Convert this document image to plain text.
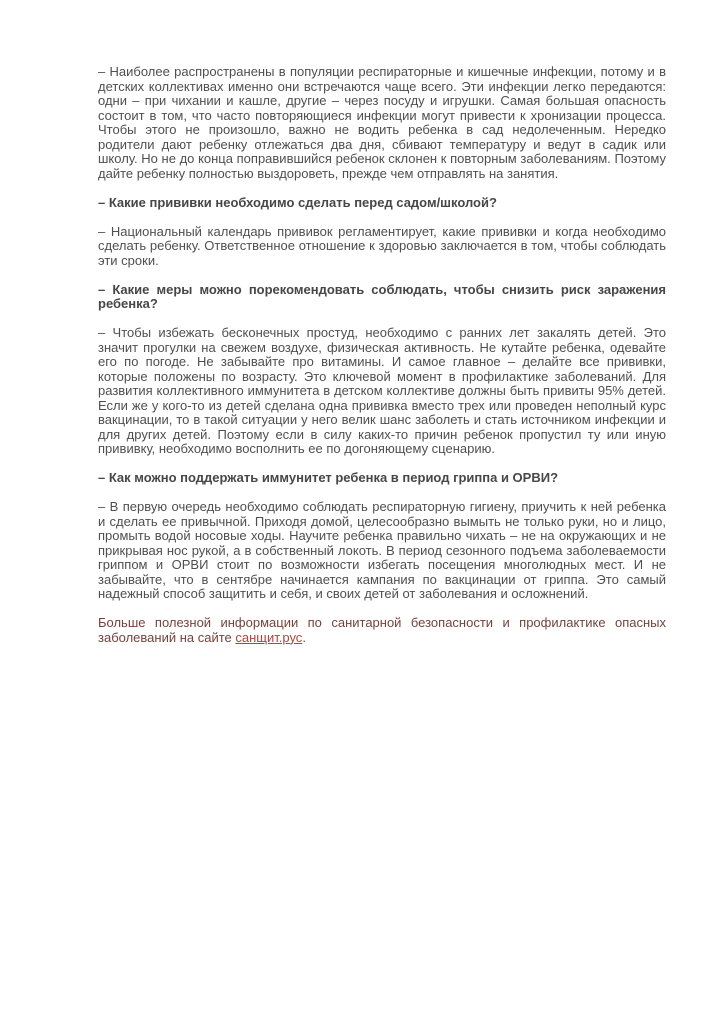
– Наиболее распространены в популяции респираторные и кишечные инфекции, потому и в детских коллективах именно они встречаются чаще всего. Эти инфекции легко передаются: одни – при чихании и кашле, другие – через посуду и игрушки. Самая большая опасность состоит в том, что часто повторяющиеся инфекции могут привести к хронизации процесса. Чтобы этого не произошло, важно не водить ребенка в сад недолеченным. Нередко родители дают ребенку отлежаться два дня, сбивают температуру и ведут в садик или школу. Но не до конца поправившийся ребенок склонен к повторным заболеваниям. Поэтому дайте ребенку полностью выздороветь, прежде чем отправлять на занятия.

– Какие прививки необходимо сделать перед садом/школой?

– Национальный календарь прививок регламентирует, какие прививки и когда необходимо сделать ребенку. Ответственное отношение к здоровью заключается в том, чтобы соблюдать эти сроки.

– Какие меры можно порекомендовать соблюдать, чтобы снизить риск заражения ребенка?

– Чтобы избежать бесконечных простуд, необходимо с ранних лет закалять детей. Это значит прогулки на свежем воздухе, физическая активность. Не кутайте ребенка, одевайте его по погоде. Не забывайте про витамины. И самое главное – делайте все прививки, которые положены по возрасту. Это ключевой момент в профилактике заболеваний. Для развития коллективного иммунитета в детском коллективе должны быть привиты 95% детей. Если же у кого-то из детей сделана одна прививка вместо трех или проведен неполный курс вакцинации, то в такой ситуации у него велик шанс заболеть и стать источником инфекции и для других детей. Поэтому если в силу каких-то причин ребенок пропустил ту или иную прививку, необходимо восполнить ее по догоняющему сценарию.

– Как можно поддержать иммунитет ребенка в период гриппа и ОРВИ?

– В первую очередь необходимо соблюдать респираторную гигиену, приучить к ней ребенка и сделать ее привычной. Приходя домой, целесообразно вымыть не только руки, но и лицо, промыть водой носовые ходы. Научите ребенка правильно чихать – не на окружающих и не прикрывая нос рукой, а в собственный локоть. В период сезонного подъема заболеваемости гриппом и ОРВИ стоит по возможности избегать посещения многолюдных мест. И не забывайте, что в сентябре начинается кампания по вакцинации от гриппа. Это самый надежный способ защитить и себя, и своих детей от заболевания и осложнений.

Больше полезной информации по санитарной безопасности и профилактике опасных заболеваний на сайте санщит.рус.
